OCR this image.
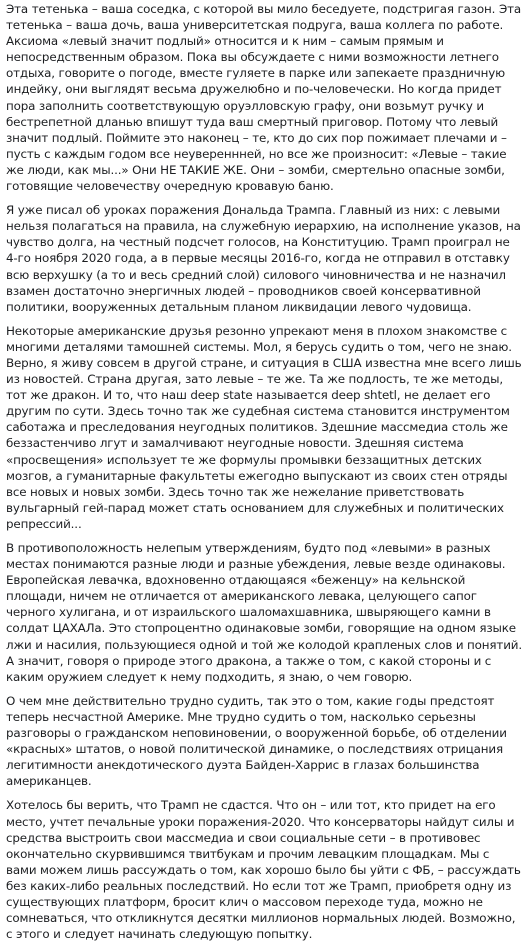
Эта тетенька – ваша соседка, с которой вы мило беседуете, подстригая газон. Эта тетенька – ваша дочь, ваша университетская подруга, ваша коллега по работе. Аксиома «левый значит подлый» относится и к ним – самым прямым и непосредственным образом. Пока вы обсуждаете с ними возможности летнего отдыха, говорите о погоде, вместе гуляете в парке или запекаете праздничную индейку, они выглядят весьма дружелюбно и по-человечески. Но когда придет пора заполнить соответствующую оруэлловскую графу, они возьмут ручку и бестрепетной дланью впишут туда ваш смертный приговор. Потому что левый значит подлый. Поймите это наконец – те, кто до сих пор пожимает плечами и – пусть с каждым годом все неувереннней, но все же произносит: «Левые – такие же люди, как мы...» Они НЕ ТАКИЕ ЖЕ. Они – зомби, смертельно опасные зомби, готовящие человечеству очередную кровавую баню.

Я уже писал об уроках поражения Дональда Трампа. Главный из них: с левыми нельзя полагаться на правила, на служебную иерархию, на исполнение указов, на чувство долга, на честный подсчет голосов, на Конституцию. Трамп проиграл не 4-го ноября 2020 года, а в первые месяцы 2016-го, когда не отправил в отставку всю верхушку (а то и весь средний слой) силового чиновничества и не назначил взамен достаточно энергичных людей – проводников своей консервативной политики, вооруженных детальным планом ликвидации левого чудовища.

Некоторые американские друзья резонно упрекают меня в плохом знакомстве с многими деталями тамошней системы. Мол, я берусь судить о том, чего не знаю. Верно, я живу совсем в другой стране, и ситуация в США известна мне всего лишь из новостей. Страна другая, зато левые – те же. Та же подлость, те же методы, тот же дракон. И то, что наш deep state называется deep shtetl, не делает его другим по сути. Здесь точно так же судебная система становится инструментом саботажа и преследования неугодных политиков. Здешние массмедиа столь же беззастенчиво лгут и замалчивают неугодные новости. Здешняя система «просвещения» использует те же формулы промывки беззащитных детских мозгов, а гуманитарные факультеты ежегодно выпускают из своих стен отряды все новых и новых зомби. Здесь точно так же нежелание приветствовать вульгарный гей-парад может стать основанием для служебных и политических репрессий...

В противоположность нелепым утверждениям, будто под «левыми» в разных местах понимаются разные люди и разные убеждения, левые везде одинаковы. Европейская левачка, вдохновенно отдающаяся «беженцу» на кельнской площади, ничем не отличается от американского левака, целующего сапог черного хулигана, и от израильского шаломахшавника, швыряющего камни в солдат ЦАХАЛа. Это стопроцентно одинаковые зомби, говорящие на одном языке лжи и насилия, пользующиеся одной и той же колодой крапленых слов и понятий. А значит, говоря о природе этого дракона, а также о том, с какой стороны и с каким оружием следует к нему подходить, я знаю, о чем говорю.

О чем мне действительно трудно судить, так это о том, какие годы предстоят теперь несчастной Америке. Мне трудно судить о том, насколько серьезны разговоры о гражданском неповиновении, о вооруженной борьбе, об отделении «красных» штатов, о новой политической динамике, о последствиях отрицания легитимности анекдотического дуэта Байден-Харрис в глазах большинства американцев.

Хотелось бы верить, что Трамп не сдастся. Что он – или тот, кто придет на его место, учтет печальные уроки поражения-2020. Что консерваторы найдут силы и средства выстроить свои массмедиа и свои социальные сети – в противовес окончательно скурвившимся твитбукам и прочим левацким площадкам. Мы с вами можем лишь рассуждать о том, как хорошо было бы уйти с ФБ, – рассуждать без каких-либо реальных последствий. Но если тот же Трамп, приобретя одну из существующих платформ, бросит клич о массовом переходе туда, можно не сомневаться, что откликнутся десятки миллионов нормальных людей. Возможно, с этого и следует начинать следующую попытку.
